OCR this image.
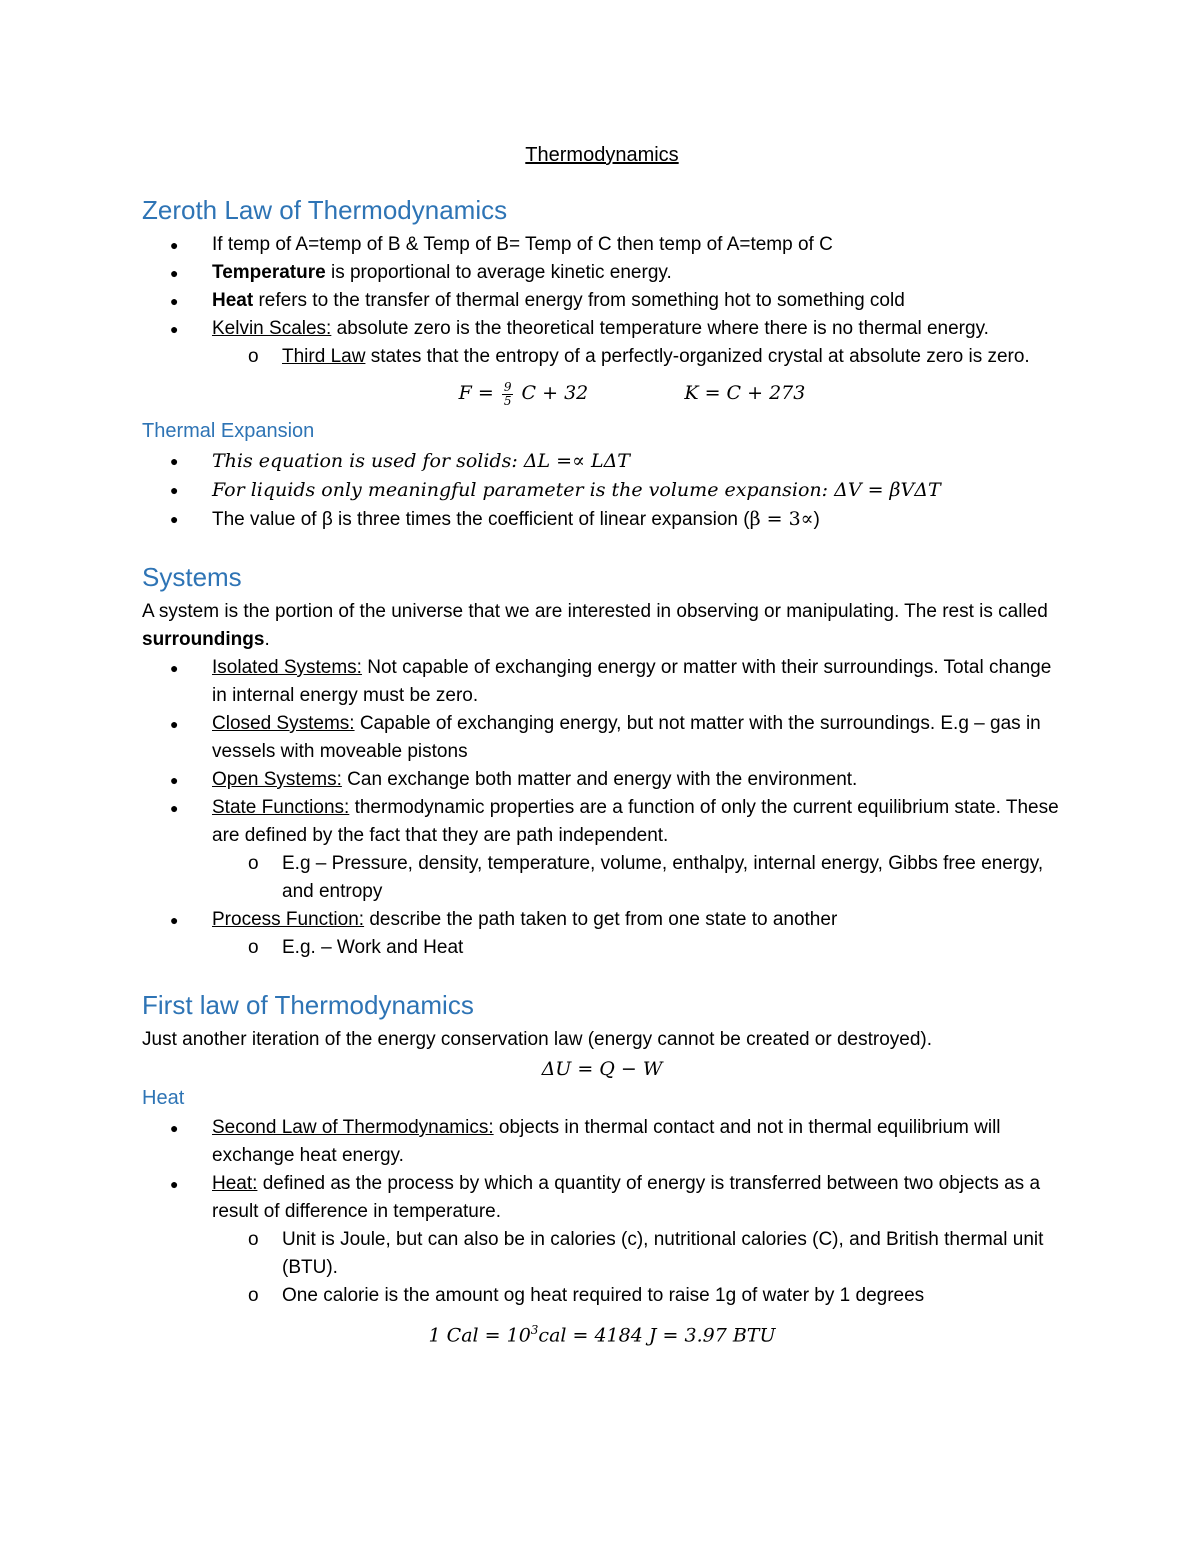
Thermodynamics
Zeroth Law of Thermodynamics
● If temp of A=temp of B & Temp of B= Temp of C then temp of A=temp of C
● Temperature is proportional to average kinetic energy.
● Heat refers to the transfer of thermal energy from something hot to something cold
● Kelvin Scales: absolute zero is the theoretical temperature where there is no thermal energy.
o Third Law states that the entropy of a perfectly-organized crystal at absolute zero is zero.
$F = \frac{9}{5}$ C + 32	K = C + 273
Thermal Expansion
● This equation is used for solids: ΔL =∝ LΔT
● For liquids only meaningful parameter is the volume expansion: ΔV = βVΔT
● The value of β is three times the coefficient of linear expansion (β = 3∝)
Systems

A system is the portion of the universe that we are interested in observing or manipulating. The rest is called surroundings.

● Isolated Systems: Not capable of exchanging energy or matter with their surroundings. Total change in internal energy must be zero.
● Closed Systems: Capable of exchanging energy, but not matter with the surroundings. E.g – gas in vessels with moveable pistons
● Open Systems: Can exchange both matter and energy with the environment.
● State Functions: thermodynamic properties are a function of only the current equilibrium state. These are defined by the fact that they are path independent.
o E.g – Pressure, density, temperature, volume, enthalpy, internal energy, Gibbs free energy, and entropy
● Process Function: describe the path taken to get from one state to another
o E.g. – Work and Heat
First law of Thermodynamics

Just another iteration of the energy conservation law (energy cannot be created or destroyed).

ΔU = Q − W
Heat
● Second Law of Thermodynamics: objects in thermal contact and not in thermal equilibrium will exchange heat energy.
● Heat: defined as the process by which a quantity of energy is transferred between two objects as a result of difference in temperature.
o Unit is Joule, but can also be in calories (c), nutritional calories (C), and British thermal unit (BTU).
o One calorie is the amount og heat required to raise 1g of water by 1 degrees
1 Cal = $10^3cal = 4184$ J = 3.97 BTU
